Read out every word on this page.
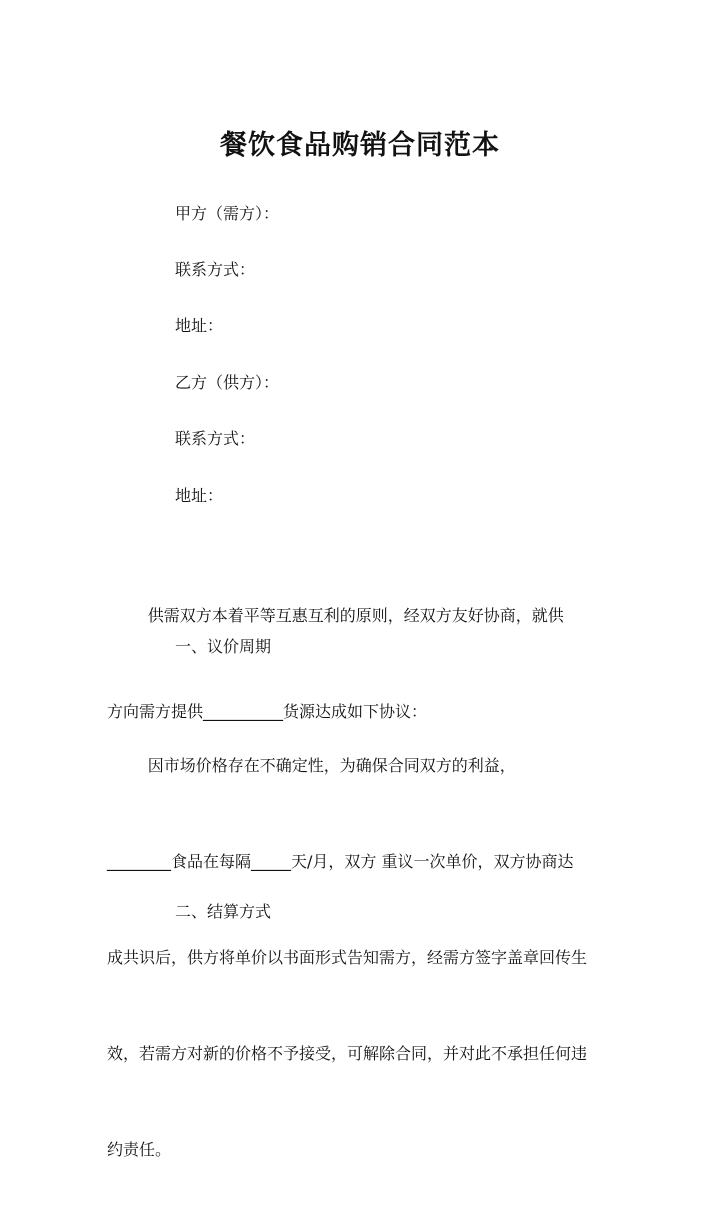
餐饮食品购销合同范本
甲方（需方）：
联系方式：
地址：
乙方（供方）：
联系方式：
地址：

供需双方本着平等互惠互利的原则，经双方友好协商，就供

方向需方提供__________货源达成如下协议：

一、议价周期

因市场价格存在不确定性，为确保合同双方的利益，

________食品在每隔_____天/月，双方 重议一次单价，双方协商达

成共识后，供方将单价以书面形式告知需方，经需方签字盖章回传生

效，若需方对新的价格不予接受，可解除合同，并对此不承担任何违

约责任。

二、结算方式
